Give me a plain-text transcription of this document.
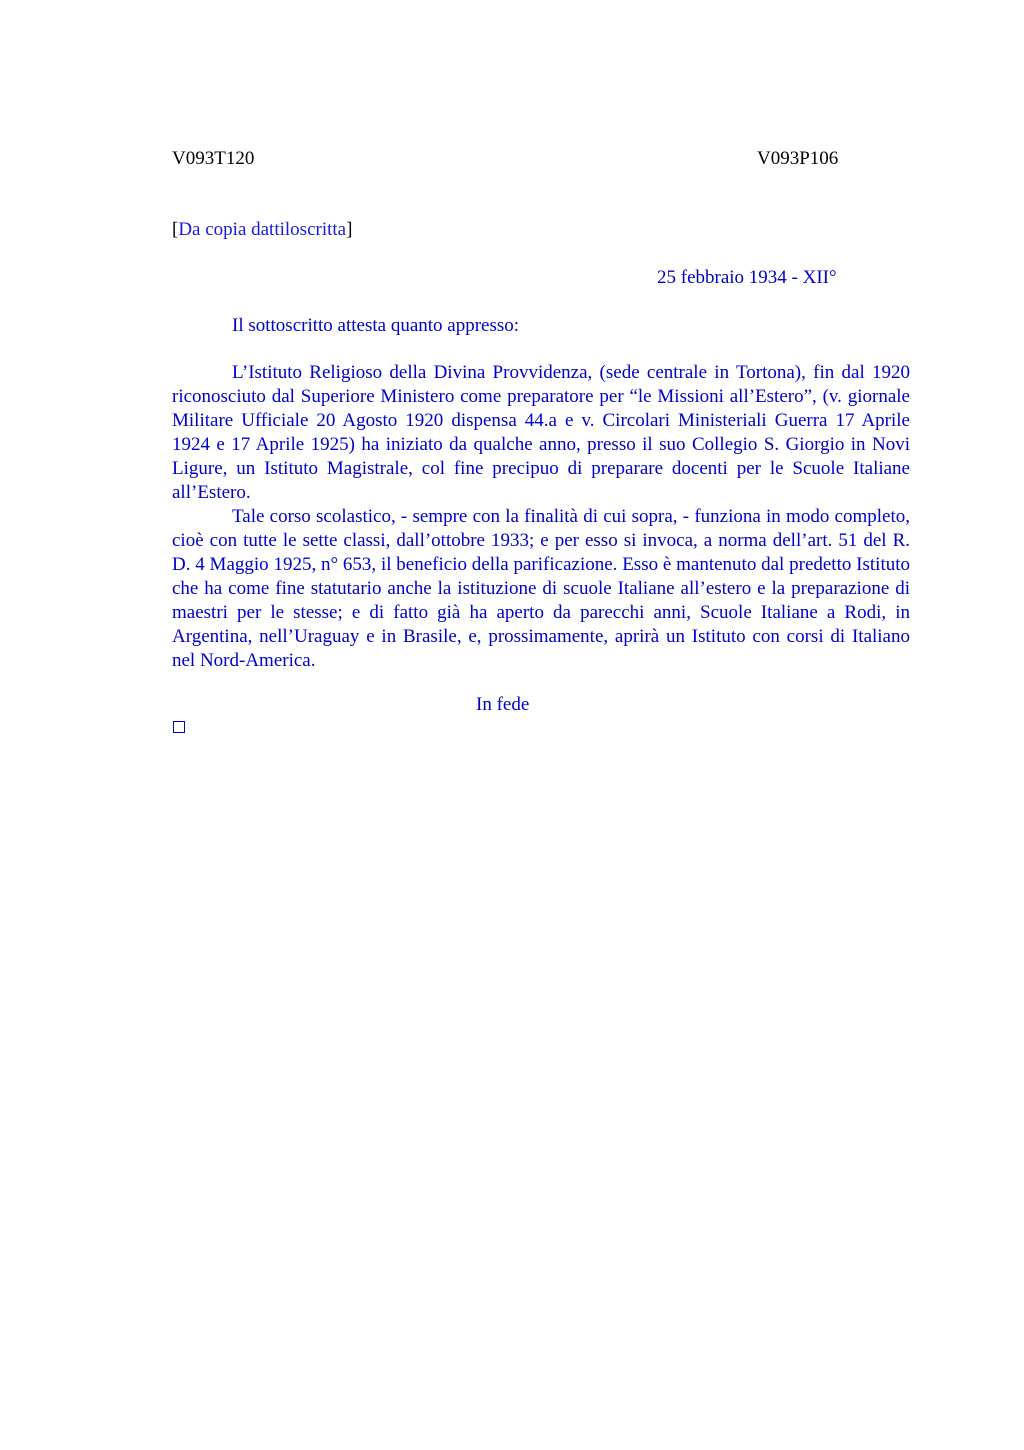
V093T120	V093P106
[Da copia dattiloscritta]
25 febbraio 1934 - XII°
Il sottoscritto attesta quanto appresso:

L’Istituto Religioso della Divina Provvidenza, (sede centrale in Tortona), fin dal 1920 riconosciuto dal Superiore Ministero come preparatore per “le Missioni all’Estero”, (v. giornale Militare Ufficiale 20 Agosto 1920 dispensa 44.a e v. Circolari Ministeriali Guerra 17 Aprile 1924 e 17 Aprile 1925) ha iniziato da qualche anno, presso il suo Collegio S. Giorgio in Novi Ligure, un Istituto Magistrale, col fine precipuo di preparare docenti per le Scuole Italiane all’Estero.

Tale corso scolastico, - sempre con la finalità di cui sopra, - funziona in modo completo, cioè con tutte le sette classi, dall’ottobre 1933; e per esso si invoca, a norma dell’art. 51 del R. D. 4 Maggio 1925, n° 653, il beneficio della parificazione. Esso è mantenuto dal predetto Istituto che ha come fine statutario anche la istituzione di scuole Italiane all’estero e la preparazione di maestri per le stesse; e di fatto già ha aperto da parecchi anni, Scuole Italiane a Rodi, in Argentina, nell’Uraguay e in Brasile, e, prossimamente, aprirà un Istituto con corsi di Italiano nel Nord-America.

In fede
